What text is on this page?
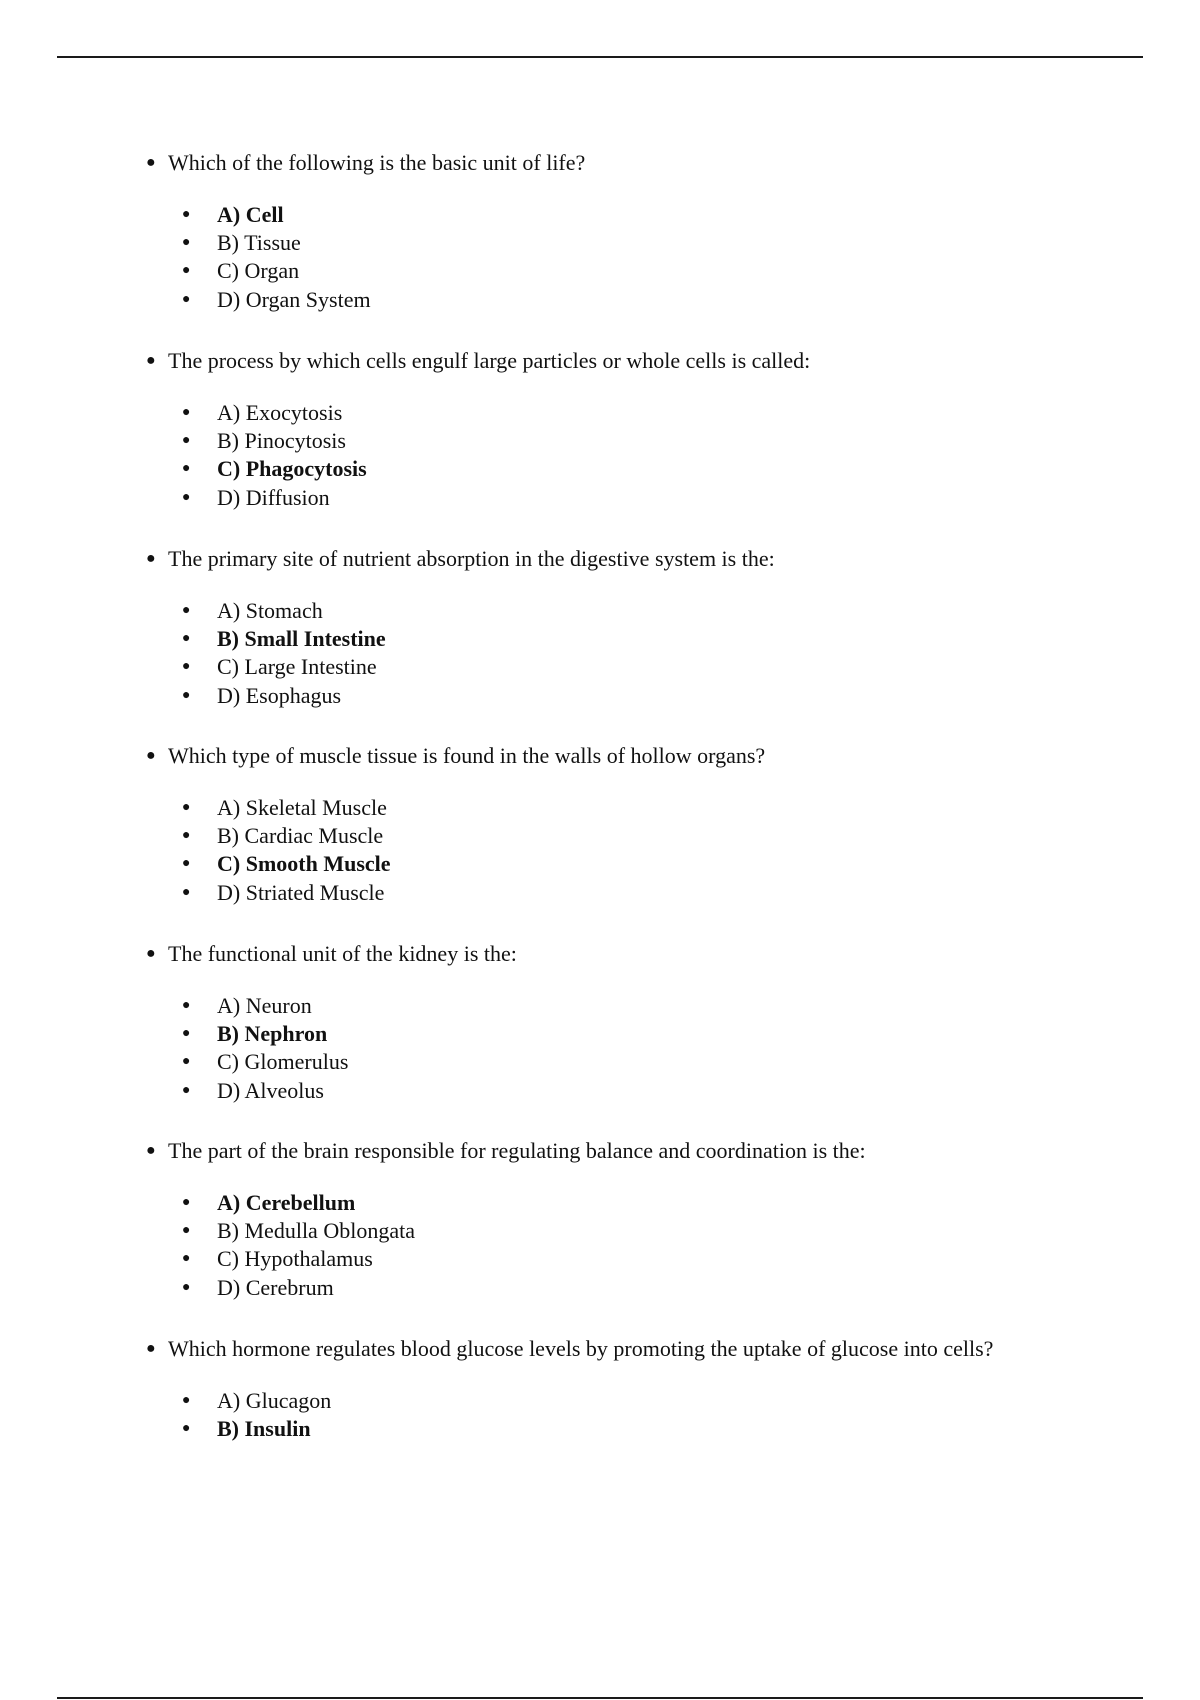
● Which of the following is the basic unit of life?
● A) Cell
● B) Tissue
● C) Organ
● D) Organ System
● The process by which cells engulf large particles or whole cells is called:
● A) Exocytosis
● B) Pinocytosis
● C) Phagocytosis
● D) Diffusion
● The primary site of nutrient absorption in the digestive system is the:
● A) Stomach
● B) Small Intestine
● C) Large Intestine
● D) Esophagus
● Which type of muscle tissue is found in the walls of hollow organs?
● A) Skeletal Muscle
● B) Cardiac Muscle
● C) Smooth Muscle
● D) Striated Muscle
● The functional unit of the kidney is the:
● A) Neuron
● B) Nephron
● C) Glomerulus
● D) Alveolus
● The part of the brain responsible for regulating balance and coordination is the:
● A) Cerebellum
● B) Medulla Oblongata
● C) Hypothalamus
● D) Cerebrum
● Which hormone regulates blood glucose levels by promoting the uptake of glucose into cells?
● A) Glucagon
● B) Insulin
